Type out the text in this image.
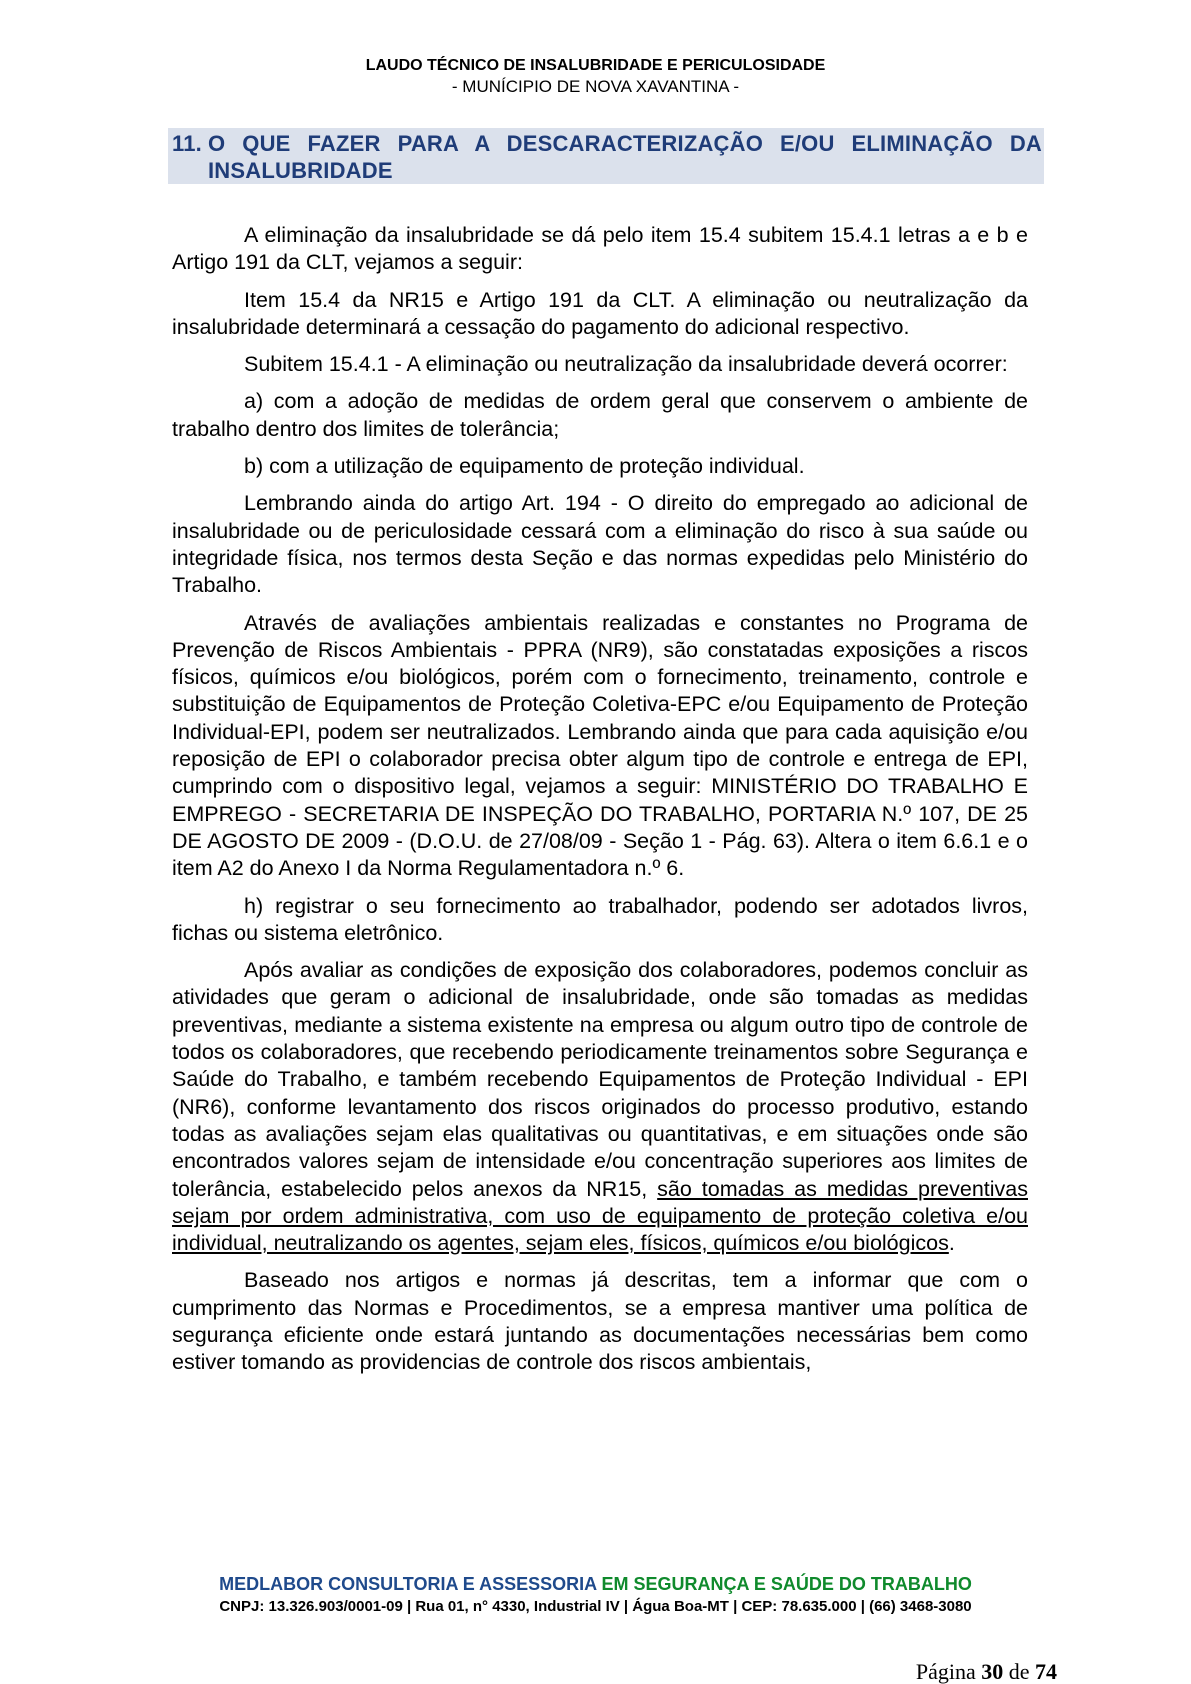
LAUDO TÉCNICO DE INSALUBRIDADE E PERICULOSIDADE
- MUNÍCIPIO DE NOVA XAVANTINA -
11. O QUE FAZER PARA A DESCARACTERIZAÇÃO E/OU ELIMINAÇÃO DA INSALUBRIDADE

A eliminação da insalubridade se dá pelo item 15.4 subitem 15.4.1 letras a e b e Artigo 191 da CLT, vejamos a seguir:

Item 15.4 da NR15 e Artigo 191 da CLT. A eliminação ou neutralização da insalubridade determinará a cessação do pagamento do adicional respectivo.

Subitem 15.4.1 - A eliminação ou neutralização da insalubridade deverá ocorrer:

a) com a adoção de medidas de ordem geral que conservem o ambiente de trabalho dentro dos limites de tolerância;

b) com a utilização de equipamento de proteção individual.

Lembrando ainda do artigo Art. 194 - O direito do empregado ao adicional de insalubridade ou de periculosidade cessará com a eliminação do risco à sua saúde ou integridade física, nos termos desta Seção e das normas expedidas pelo Ministério do Trabalho.

Através de avaliações ambientais realizadas e constantes no Programa de Prevenção de Riscos Ambientais - PPRA (NR9), são constatadas exposições a riscos físicos, químicos e/ou biológicos, porém com o fornecimento, treinamento, controle e substituição de Equipamentos de Proteção Coletiva-EPC e/ou Equipamento de Proteção Individual-EPI, podem ser neutralizados. Lembrando ainda que para cada aquisição e/ou reposição de EPI o colaborador precisa obter algum tipo de controle e entrega de EPI, cumprindo com o dispositivo legal, vejamos a seguir: MINISTÉRIO DO TRABALHO E EMPREGO - SECRETARIA DE INSPEÇÃO DO TRABALHO, PORTARIA N.º 107, DE 25 DE AGOSTO DE 2009 - (D.O.U. de 27/08/09 - Seção 1 - Pág. 63). Altera o item 6.6.1 e o item A2 do Anexo I da Norma Regulamentadora n.º 6.

h) registrar o seu fornecimento ao trabalhador, podendo ser adotados livros, fichas ou sistema eletrônico.

Após avaliar as condições de exposição dos colaboradores, podemos concluir as atividades que geram o adicional de insalubridade, onde são tomadas as medidas preventivas, mediante a sistema existente na empresa ou algum outro tipo de controle de todos os colaboradores, que recebendo periodicamente treinamentos sobre Segurança e Saúde do Trabalho, e também recebendo Equipamentos de Proteção Individual - EPI (NR6), conforme levantamento dos riscos originados do processo produtivo, estando todas as avaliações sejam elas qualitativas ou quantitativas, e em situações onde são encontrados valores sejam de intensidade e/ou concentração superiores aos limites de tolerância, estabelecido pelos anexos da NR15, são tomadas as medidas preventivas sejam por ordem administrativa, com uso de equipamento de proteção coletiva e/ou individual, neutralizando os agentes, sejam eles, físicos, químicos e/ou biológicos.

Baseado nos artigos e normas já descritas, tem a informar que com o cumprimento das Normas e Procedimentos, se a empresa mantiver uma política de segurança eficiente onde estará juntando as documentações necessárias bem como estiver tomando as providencias de controle dos riscos ambientais,

MEDLABOR CONSULTORIA E ASSESSORIA EM SEGURANÇA E SAÚDE DO TRABALHO
CNPJ: 13.326.903/0001-09 | Rua 01, n° 4330, Industrial IV | Água Boa-MT | CEP: 78.635.000 | (66) 3468-3080
Página 30 de 74
